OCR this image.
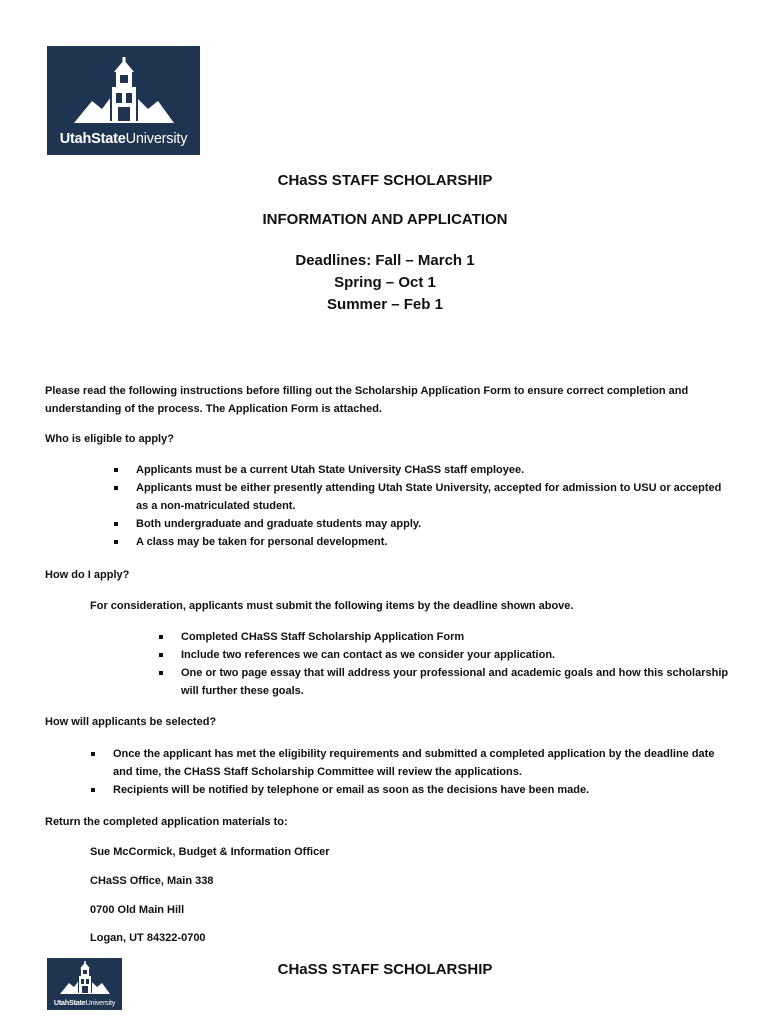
UtahStateUniversity
CHaSS STAFF SCHOLARSHIP
INFORMATION AND APPLICATION
Deadlines: Fall – March 1
Spring – Oct 1
Summer – Feb 1

Please read the following instructions before filling out the Scholarship Application Form to ensure correct completion and understanding of the process. The Application Form is attached.

Who is eligible to apply?

Applicants must be a current Utah State University CHaSS staff employee.
Applicants must be either presently attending Utah State University, accepted for admission to USU or accepted as a non-matriculated student.
Both undergraduate and graduate students may apply.
A class may be taken for personal development.

How do I apply?

For consideration, applicants must submit the following items by the deadline shown above.

Completed CHaSS Staff Scholarship Application Form
Include two references we can contact as we consider your application.
One or two page essay that will address your professional and academic goals and how this scholarship will further these goals.

How will applicants be selected?

Once the applicant has met the eligibility requirements and submitted a completed application by the deadline date and time, the CHaSS Staff Scholarship Committee will review the applications.
Recipients will be notified by telephone or email as soon as the decisions have been made.

Return the completed application materials to:

Sue McCormick, Budget & Information Officer

CHaSS Office, Main 338

0700 Old Main Hill

Logan, UT 84322-0700

UtahStateUniversity
CHaSS STAFF SCHOLARSHIP
